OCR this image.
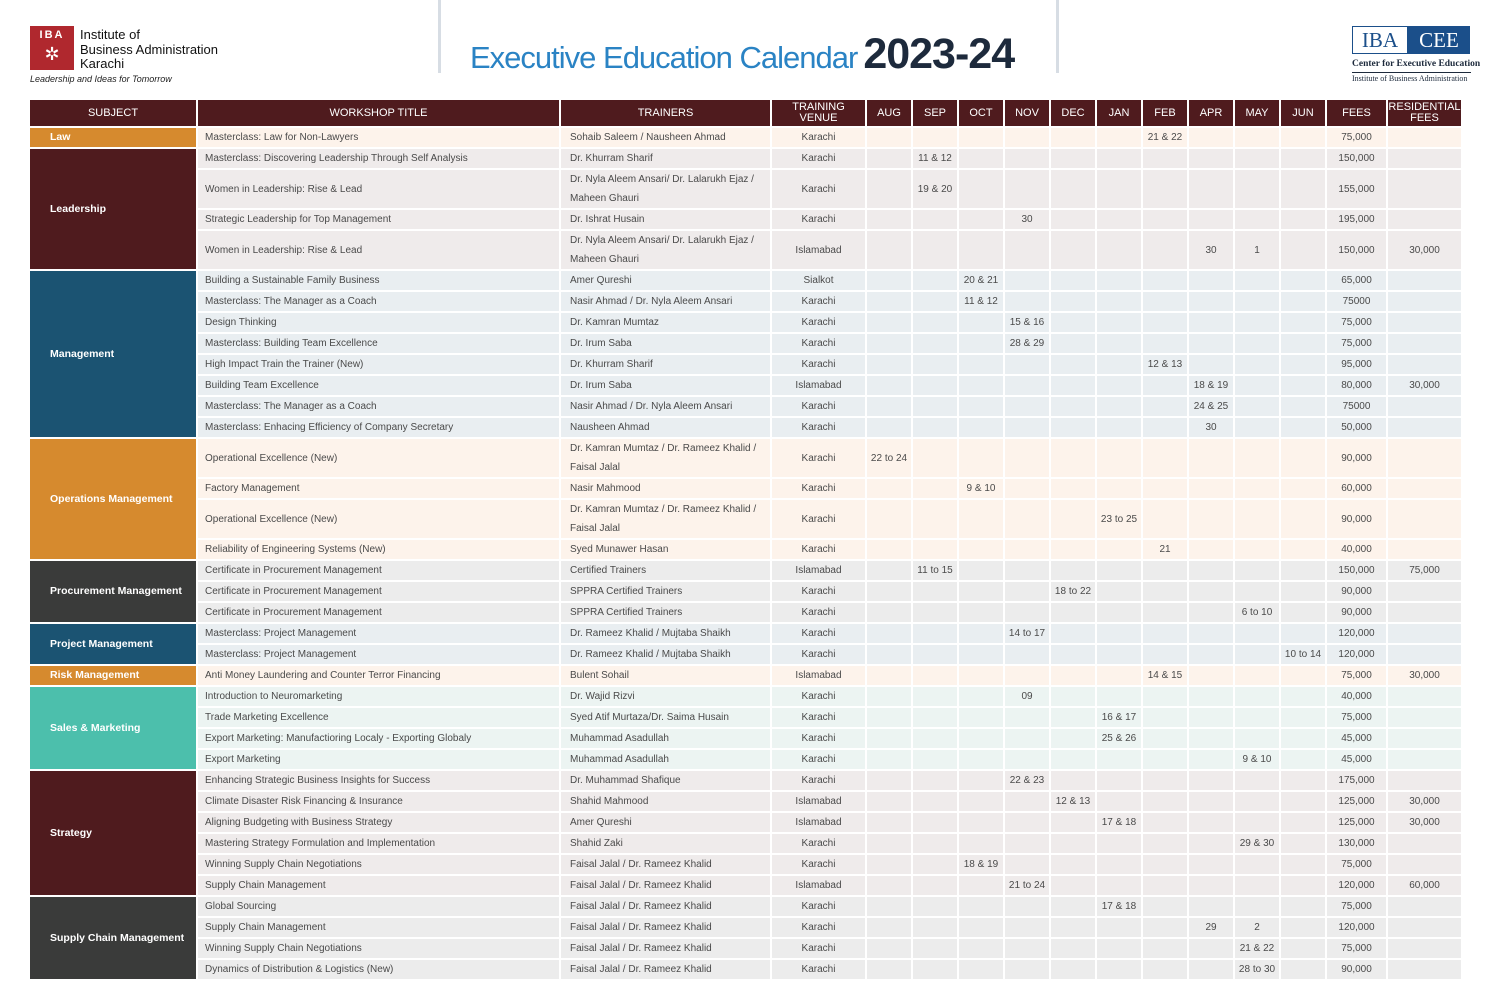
IBA
✲
Institute of
Business Administration
Karachi
Leadership and Ideas for Tomorrow
Executive Education Calendar 2023-24	IBA	CEE
Center for Executive Education
Institute of Business Administration
SUBJECT	WORKSHOP TITLE	TRAINERS	TRAINING VENUE	AUG	SEP	OCT	NOV	DEC	JAN	FEB	APR	MAY	JUN	FEES	RESIDENTIAL FEES
Law	Masterclass: Law for Non-Lawyers	Sohaib Saleem / Nausheen Ahmad	Karachi							21 & 22				75,000	
Leadership	Masterclass: Discovering Leadership Through Self Analysis	Dr. Khurram Sharif	Karachi		11 & 12									150,000	
	Women in Leadership: Rise & Lead	Dr. Nyla Aleem Ansari/ Dr. Lalarukh Ejaz / Maheen Ghauri	Karachi		19 & 20									155,000	
	Strategic Leadership for Top Management	Dr. Ishrat Husain	Karachi				30							195,000	
	Women in Leadership: Rise & Lead	Dr. Nyla Aleem Ansari/ Dr. Lalarukh Ejaz / Maheen Ghauri	Islamabad								30	1		150,000	30,000
Management	Building a Sustainable Family Business	Amer Qureshi	Sialkot			20 & 21								65,000	
	Masterclass: The Manager as a Coach	Nasir Ahmad / Dr. Nyla Aleem Ansari	Karachi			11 & 12								75000	
	Design Thinking	Dr. Kamran Mumtaz	Karachi				15 & 16							75,000	
	Masterclass: Building Team Excellence	Dr. Irum Saba	Karachi				28 & 29							75,000	
	High Impact Train the Trainer (New)	Dr. Khurram Sharif	Karachi							12 & 13				95,000	
	Building Team Excellence	Dr. Irum Saba	Islamabad								18 & 19			80,000	30,000
	Masterclass: The Manager as a Coach	Nasir Ahmad / Dr. Nyla Aleem Ansari	Karachi								24 & 25			75000	
	Masterclass: Enhacing Efficiency of Company Secretary	Nausheen Ahmad	Karachi								30			50,000	
Operations Management	Operational Excellence (New)	Dr. Kamran Mumtaz / Dr. Rameez Khalid / Faisal Jalal	Karachi	22 to 24										90,000	
	Factory Management	Nasir Mahmood	Karachi			9 & 10								60,000	
	Operational Excellence (New)	Dr. Kamran Mumtaz / Dr. Rameez Khalid / Faisal Jalal	Karachi						23 to 25					90,000	
	Reliability of Engineering Systems (New)	Syed Munawer Hasan	Karachi							21				40,000	
Procurement Management	Certificate in Procurement Management	Certified Trainers	Islamabad		11 to 15									150,000	75,000
	Certificate in Procurement Management	SPPRA Certified Trainers	Karachi					18 to 22						90,000	
	Certificate in Procurement Management	SPPRA Certified Trainers	Karachi									6 to 10		90,000	
Project Management	Masterclass: Project Management	Dr. Rameez Khalid / Mujtaba Shaikh	Karachi				14 to 17							120,000	
	Masterclass: Project Management	Dr. Rameez Khalid / Mujtaba Shaikh	Karachi										10 to 14	120,000	
Risk Management	Anti Money Laundering and Counter Terror Financing	Bulent Sohail	Islamabad							14 & 15				75,000	30,000
Sales & Marketing	Introduction to Neuromarketing	Dr. Wajid Rizvi	Karachi				09							40,000	
	Trade Marketing Excellence	Syed Atif Murtaza/Dr. Saima Husain	Karachi						16 & 17					75,000	
	Export Marketing: Manufactioring Localy - Exporting Globaly	Muhammad Asadullah	Karachi						25 & 26					45,000	
	Export Marketing	Muhammad Asadullah	Karachi									9 & 10		45,000	
Strategy	Enhancing Strategic Business Insights for Success	Dr. Muhammad Shafique	Karachi				22 & 23							175,000	
	Climate Disaster Risk Financing & Insurance	Shahid Mahmood	Islamabad					12 & 13						125,000	30,000
	Aligning Budgeting with Business Strategy	Amer Qureshi	Islamabad						17 & 18					125,000	30,000
	Mastering Strategy Formulation and Implementation	Shahid Zaki	Karachi									29 & 30		130,000	
	Winning Supply Chain Negotiations	Faisal Jalal / Dr. Rameez Khalid	Karachi			18 & 19								75,000	
	Supply Chain Management	Faisal Jalal / Dr. Rameez Khalid	Islamabad				21 to 24							120,000	60,000
Supply Chain Management	Global Sourcing	Faisal Jalal / Dr. Rameez Khalid	Karachi						17 & 18					75,000	
	Supply Chain Management	Faisal Jalal / Dr. Rameez Khalid	Karachi								29	2		120,000	
	Winning Supply Chain Negotiations	Faisal Jalal / Dr. Rameez Khalid	Karachi									21 & 22		75,000	
	Dynamics of Distribution & Logistics (New)	Faisal Jalal / Dr. Rameez Khalid	Karachi									28 to 30		90,000	
